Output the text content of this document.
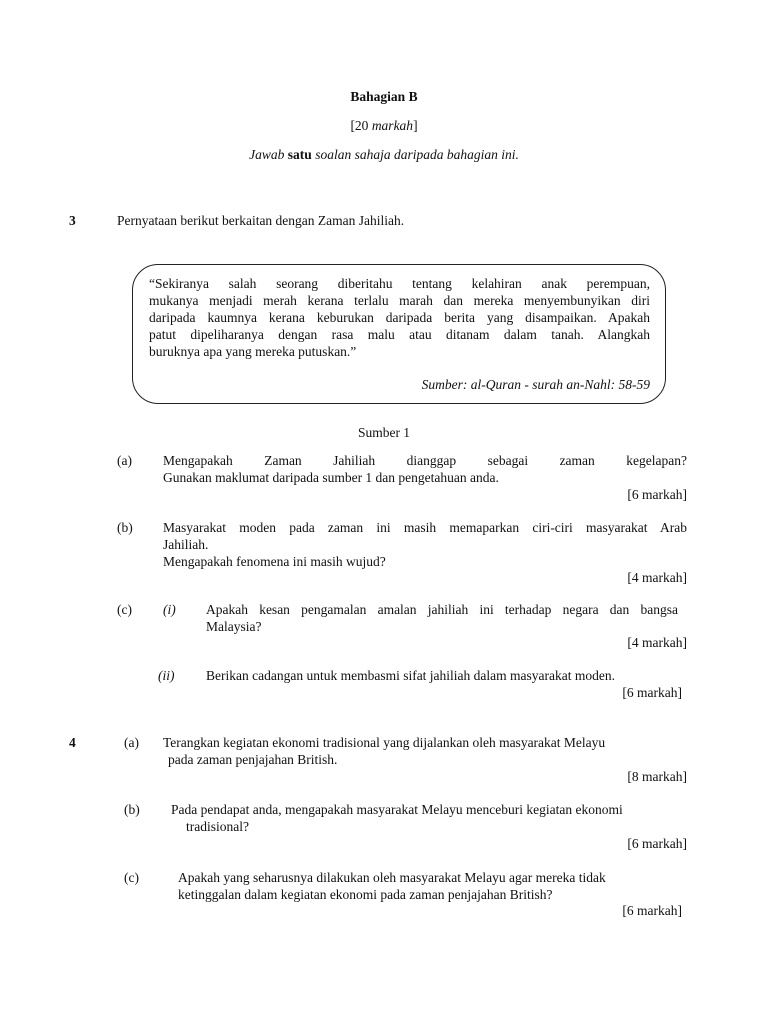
Bahagian B
[20 markah]
Jawab satu soalan sahaja daripada bahagian ini.
3	Pernyataan berikut berkaitan dengan Zaman Jahiliah.
“Sekiranya salah seorang diberitahu tentang kelahiran anak perempuan,
mukanya menjadi merah kerana terlalu marah dan mereka menyembunyikan diri
daripada kaumnya kerana keburukan daripada berita yang disampaikan. Apakah
patut dipeliharanya dengan rasa malu atau ditanam dalam tanah. Alangkah
buruknya apa yang mereka putuskan.”
Sumber: al-Quran - surah an-Nahl: 58-59
Sumber 1
(a) Mengapakah Zaman Jahiliah dianggap sebagai zaman kegelapan?
Gunakan maklumat daripada sumber 1 dan pengetahuan anda.
[6 markah]
(b) Masyarakat moden pada zaman ini masih memaparkan ciri-ciri masyarakat Arab
Jahiliah.
Mengapakah fenomena ini masih wujud?
[4 markah]
(c) (i) Apakah kesan pengamalan amalan jahiliah ini terhadap negara dan bangsa
Malaysia?
[4 markah]
(ii) Berikan cadangan untuk membasmi sifat jahiliah dalam masyarakat moden.
[6 markah]
4	(a) Terangkan kegiatan ekonomi tradisional yang dijalankan oleh masyarakat Melayu
pada zaman penjajahan British.
[8 markah]
(b) Pada pendapat anda, mengapakah masyarakat Melayu menceburi kegiatan ekonomi
tradisional?
[6 markah]
(c)	Apakah yang seharusnya dilakukan oleh masyarakat Melayu agar mereka tidak
ketinggalan dalam kegiatan ekonomi pada zaman penjajahan British?
[6 markah]
